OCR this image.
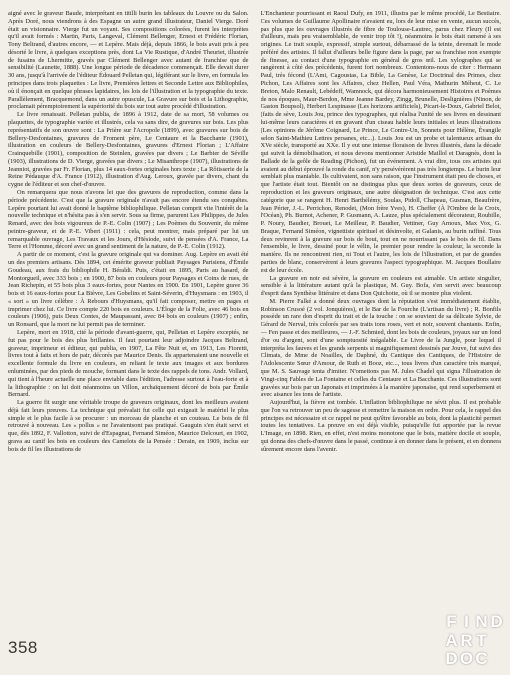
aigné avec le graveur Baude, interprétant en titilli burin les tableaux du Louvre ou du Salon. Après Doré, nous viendrons à des Espagne un autre grand illustrateur, Daniel Vierge. Doré était un visionnaire. Vierge fut un voyant. Ses compositions colorées, furent les interprètes qu'il avait formés : Martin, Paris, Langeval, Clément Bellenger, Ernest et Frédéric Florian, Tony Beltrand, d'autres encore, — et Lepère. Mais déjà, depuis 1866, le bois avait pris à peu désorté le livre, à quelques exceptions près, dont La Vie Rustique, d'André Theuriet, illustrée de fusains de Lhermitte, gravés par Clément Bellenger avec autant de franchise que de sensibilité (Launette, 1888). Une longue période de décadence commençait. Elle devait durer 30 ans, jusqu'à l'arrivée de l'éditeur Édouard Pelletan qui, légiférant sur le livre, en formula les principes dans trois plaquettes : Le livre, Premières lettres et Seconde Lettre aux Bibliophiles, où il énonçait en quelque phrases lapidaires, les lois de l'illustration et la typographie du texte. Parallèlement, Bracquemond, dans un autre opuscule, La Gravure sur bois et la Lithographie, proclamait péremptoirement la supériorité du bois sur tout autre procédé d'illustration.

Le livre renaissait. Pelletan publia, de 1896 à 1912, date de sa mort, 58 volumes ou plaquettes, de typographie variée et illustrés, cela va sans dire, de gravures sur bois. Les plus représentatifs de son œuvre sont : La Prière sur l'Acropole (1899), avec gravures sur bois de Bellery-Desfontaines, gravures de Froment père, Le Centaure et la Bacchante (1901), illustration en couleurs de Bellery-Desfontaines, gravures d'Ernest Florian ; L'Affaire Crainquebille (1901), composition de Steinlen, gravées par divers ; Le Barbier de Séville (1903), illustrations de D. Vierge, gravées par divers ; Le Misanthrope (1907), illustrations de Jeanniot, gravées par Fr. Florian, plus 14 eaux-fortes originales hors texte ; La Rôtisserie de la Reine Pédauque d'A. France (1912), illustration d'Aug. Leroux, gravée par divers, chant du cygne de l'éditeur et son chef-d'œuvre.

On remarquera que nous n'avons lei que des gravures de reproduction, comme dans la période précédente. C'est que la gravure originale n'avait pas encore étendu ses conquêtes. Lepère pourtant lui avait donné le baptême bibliophilique. Pelletan comprit vite l'intérêt de la nouvelle technique et n'hésita pas à s'en servir. Sous sa firme, parurent Les Philippes, de Jules Renard, avec des bois vigoureux de P.-E. Colin (1907) ; Les Poèmes du Souvenir, du même peintre-graveur, et de P.-E. Vibert (1911) : cela, peut montrer, mais préparé par lui un remarquable ouvrage, Les Travaux et les Jours, d'Hésiode, suivi de pensées d'A. France, La Terre et l'Homme, décoré avec un grand sentiment de la nature, de P.-E. Colin (1912).

A partir de ce moment, c'est la gravure originale qui va dominer. Aug. Lepère en avait été un des premiers artisans. Dès 1894, cet émérite graveur publiait Paysages Parisiens, d'Émile Goudeau, aux frais du bibliophile H. Béraldi. Puis, c'était en 1895, Paris au hasard, de Montorgueil, avec 333 bois ; en 1900, 87 bois en couleurs pour Paysages et Coins de rues, de Jean Richepin, et 55 bois plus 3 eaux-fortes, pour Nantes en 1900. En 1901, Lepère grave 36 bois et 16 eaux-fortes pour La Bièvre, Les Gobelins et Saint-Séverin, d'Huysmans : en 1903, il « sort » un livre célèbre : À Rebours d'Huysmans, qu'il fait composer, mettre en pages et imprimer chez lui. Ce livre compte 220 bois en couleurs. L'Éloge de la Folie, avec 46 bois en couleurs (1906), puis Deux Contes, de Maupassant, avec 84 bois en couleurs (1907) ; enfin, un Ronsard, que la mort ne lui permit pas de terminer.

Lepère, mort en 1918, cité la période d'avant-guerre, qui, Pelletan et Lepère exceptés, ne fut pas pour le bois des plus brillantes. Il faut pourtant leur adjoindre Jacques Beltrand, graveur, imprimeur et éditeur, qui publia, en 1907, La Fête Nuit et, en 1913, Les Fioretti, livres tout à faits et hors de pair, décorés par Maurice Denis. Ils appartenaient une nouvelle et excellente formule du livre en couleurs, en reliant le texte aux images et aux bordures enluminées, par des pieds de mouche, formant dans le texte des rappels de tons. Andr. Vollard, qui tient à l'heure actuelle une place enviable dans l'édition, l'adresse surtout à l'eau-forte et à la lithographie : on lui doit néanmoins un Villon, archaïquement décoré de bois par Émile Bernard.

La guerre fit surgir une véritable troupe de graveurs originaux, dont les meilleurs avaient déjà fait leurs preuves. La technique qui prévalait fut celle qui exigeait le matériel le plus simple et le plus facile à se procurer : un morceau de planche et un couteau. Le bois de fil retrouvé à nouveau. Les « pollus » ne l'avaientsont pas pratiqué. Gauguin s'en était servi et que, dès 1892, F. Vallotton, suivi de d'Espagnat, Fernand Siméon, Maurice Delcourt, en 1902, grava au canif les bois en couleurs des Camelots de la Pensée : Derain, en 1909, inclus sur bois de fil les illustrations de

L'Enchanteur pourrissant et Raoul Dufy, en 1911, illustra par le même procédé, Le Bestiaire. Ces volumes de Guillaume Apollinaire n'avaient eu, lors de leur mise en vente, aucun succès, pas plus que les ouvrages illustrés de fibre de Toulouse-Lautrec, parus chez Fleury (Il est d'ailleurs, mais peu vraisemblable, de venir trop tôt !), néanmoins le bois était ramené à ses origines. Le trait souple, expressif, simple surtout, débarrassé de la teinte, devenait le mode préféré des artistes. Il fallut d'ailleurs belle figure dans la page, par sa franchise non exempte de finesse, au contact d'une typographie en général de gros œil. Les xylographes qui se rangèrent à côté des précédents, furent fort nombreux. Contentons-nous de citer : Hermann Paul, très fécond (L'Ami, Cagoustas, La Bible, La Genèse, Le Doctrinal des Primes, chez Pichon, Les Affaires sont les Affaires, chez Hellen, Paul Véra, Mathurin Méheut, C. Le Breton, Malo Renault, Lebédeff, Wamnock, qui décora harmonieusement Histoires et Poèmes de nos époques, Maur-Berdon, Mme Jeanne Bardey, Zingg, Brunelle, Deslignières (Ninon, de Gaston Boupsol), Herbert Lespinasse (Les horizons artificiels), Picart-le-Doux, Gabriel Belot, (faits de sève, Louis Jou, prince des typographes, qui réalisa l'unité de ses livres en dessinant lui-même leurs caractères et en gravant d'un ciseau habile leurs initiales et leurs illustrations (Les opinions de Jérôme Coignard, Le Prince, Le Contre-Un, Sonnets pour Hélène, Évangile selon Saint-Mathieu Lettres persanes, etc...). Louis Jou est un probe et talentueux artisan du XVe siècle, transporté au XXe. Il y eut une intense floraison de livres illustrés, dans la décade qui suivit la démobilisation, et nous devons mentionner Aristide Maillol et Daragnès, dont la Ballade de la geôle de Reading (Pichon), fut un événement. A vrai dire, tous ces artistes qui avaient au début éprouvé la ronde du canif, n'y persévérèrent pas très longtemps. Le burin leur semblait plus maniable. Ils cultivaient, non sans raison, que l'instrument était peu de choses, et que l'artiste était tout. Bientôt on ne distingua plus que deux sortes de graveurs, ceux de reproduction et les graveurs originaux, une autre désignation de technique. C'est aux cette catégorie que se rangent H. Henri Barthélémy, Soulas, Pidoll, Chapeau, Gusman, Beaufrère, Jean Périer, J.-L. Perrichon, Renodet, (Mon frère Yves), H. Cheffer (À l'Ombre de la Croix, l'Océan), Ph. Burnot, Achener, P. Gusmann, A. Lauze, plus spécialement décorateur, Roubille, P. Noury, Baudier, Brouet, Le Meilleur, P. Baudier, Vettiner, Guy Arnoux, Max Vox, G. Braque, Fernand Siméon, vignettiste spirituel et désinvolte, et Galanis, au burin raffiné. Tous deux revinrent à la gravure sur bois de bout, tout en ne nourrissant pas le bois de fil. Dans l'ensemble, le livre, dessiné pour le vélin, le premier pour rendre la couleur, la seconde la manière. Ils ne rencontrent rien, ni Tout et l'autre, les lois de l'illustration, et par de grandes parties de blanc, conservèrent à leurs gravures l'aspect typographique. M. Jacques Boullaire est de leur école.

La gravure en noir est sévère, la gravure en couleurs est aimable. Un artiste singulier, sensible à la littérature autant qu'à la plastique, M. Guy. Bofa, s'en servit avec beaucoup d'esprit dans Synthèse littéraire et dans Don Quichotte, où il se montre plus violent.

M. Pierre Falké a donné deux ouvrages dont la réputation s'est immédiatement établie, Robinson Crusoé (2 vol. Jonquières), et le Bar de la Fourche (L'artisan du livre) ; R. Bonfils possède un rare don d'esprit du trait et de la touche : on se souvient de sa délicate Sylvie, de Gérard de Nerval, très colorés par ses traits tons roses, vert et noir, souvent chantants. Enfin, — Fen passe et des meilleures, — J.-F. Schmied, dont les bois de couleurs, joyaux sur un fond d'or ou d'argent, sont d'une somptuosité inégalable. Le Livre de la Jungle, pour lequel il interpréta les fauves et les grands serpents si magnifiquement dessinés par Jouve, fut suivi des Climats, de Mme de Noailles, de Daphné, du Cantique des Cantiques, de l'Histoire de l'Adolescente Sœur d'Amour, de Ruth et Booz, etc..., tous livres d'un caractère très marqué, que M. S. Sauvage tenta d'imiter. N'omettons pas M. Jules Chadel qui signa l'illustration de Vingt-cinq Fables de La Fontaine et celles du Centaure et La Bacchante. Ces illustrations sont gravées sur bois par un Japonais et imprimées à la manière japonaise, qui rend superbement et avec aisance les tons de l'artiste.

Aujourd'hui, la fièvre est tombée. L'inflation bibliophilique ne sévit plus. Il est probable que l'on va retrouver un peu de sagesse et remettre la maison en ordre. Pour cela, le rappel des principes est nécessaire et ce rappel ne peut qu'être favorable au bois, dont la plasticité permet toutes les tentatives. La preuve en est déjà visible, puisqu'elle fut apportée par la revue L'Image, en 1898. Rien, en effet, n'est moins monotone que le bois, matière docile et souple, qui donna des chefs-d'œuvre dans le passé, continue à en donner dans le présent, et en donnera sûrement encore dans l'avenir.

358
F I N D
A R T
D O C
